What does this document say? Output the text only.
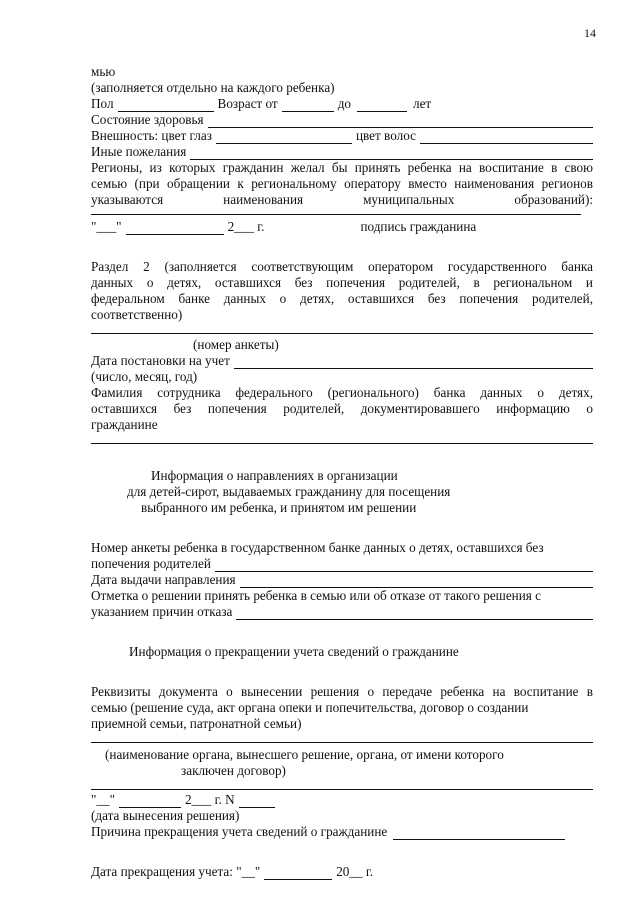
14
мью
(заполняется отдельно на каждого ребенка)
Пол	Возраст от	до	лет
Состояние здоровья
Внешность: цвет глаз	цвет волос
Иные пожелания
Регионы, из которых гражданин желал бы принять ребенка на воспитание в свою
семью (при обращении к региональному оператору вместо наименования регионов
указываются наименования муниципальных образований):
"___"	2___ г.	подпись гражданина
Раздел 2 (заполняется соответствующим оператором государственного банка
данных о детях, оставшихся без попечения родителей, в региональном и
федеральном банке данных о детях, оставшихся без попечения родителей,
соответственно)
(номер анкеты)
Дата постановки на учет
(число, месяц, год)
Фамилия сотрудника федерального (регионального) банка данных о детях,
оставшихся без попечения родителей, документировавшего информацию о
гражданине
Информация о направлениях в организации
для детей-сирот, выдаваемых гражданину для посещения
выбранного им ребенка, и принятом им решении
Номер анкеты ребенка в государственном банке данных о детях, оставшихся без
попечения родителей
Дата выдачи направления
Отметка о решении принять ребенка в семью или об отказе от такого решения с
указанием причин отказа
Информация о прекращении учета сведений о гражданине
Реквизиты документа о вынесении решения о передаче ребенка на воспитание в
семью (решение суда, акт органа опеки и попечительства, договор о создании
приемной семьи, патронатной семьи)
(наименование органа, вынесшего решение, органа, от имени которого
заключен договор)
"__"	2___ г. N
(дата вынесения решения)
Причина прекращения учета сведений о гражданине
Дата прекращения учета: "__"	20__ г.
